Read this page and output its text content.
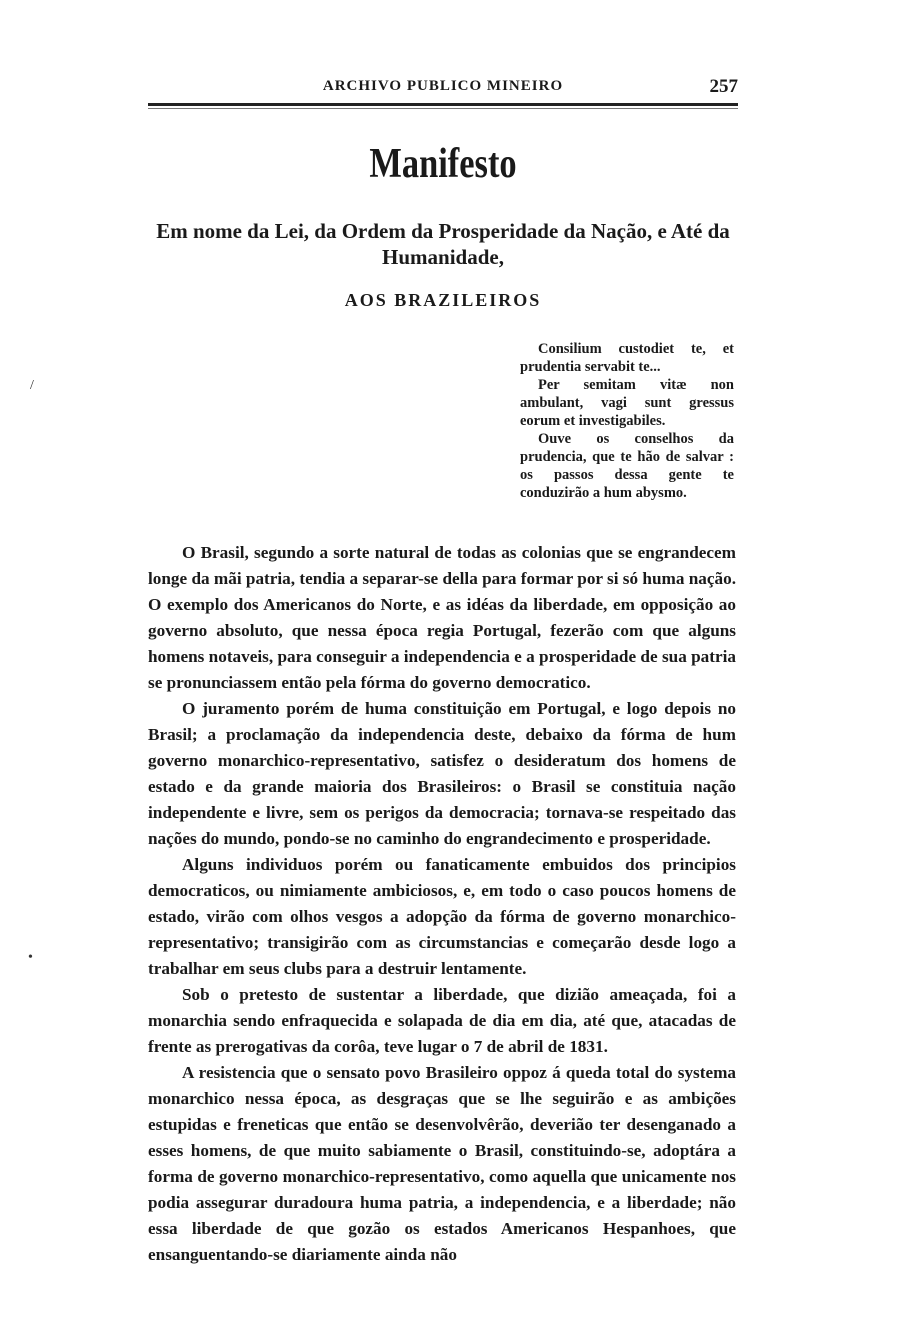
ARCHIVO PUBLICO MINEIRO	257
Manifesto
Em nome da Lei, da Ordem da Prosperidade da Nação, e Até da Humanidade,
AOS BRAZILEIROS

Consilium custodiet te, et prudentia servabit te...

Per semitam vitæ non ambulant, vagi sunt gressus eorum et investigabiles.

Ouve os conselhos da prudencia, que te hão de salvar : os passos dessa gente te conduzirão a hum abysmo.

O Brasil, segundo a sorte natural de todas as colonias que se engrandecem longe da mãi patria, tendia a separar-se della para formar por si só huma nação. O exemplo dos Americanos do Norte, e as idéas da liberdade, em opposição ao governo absoluto, que nessa época regia Portugal, fezerão com que alguns homens notaveis, para conseguir a independencia e a prosperidade de sua patria se pronunciassem então pela fórma do governo democratico.

O juramento porém de huma constituição em Portugal, e logo depois no Brasil; a proclamação da independencia deste, debaixo da fórma de hum governo monarchico-representativo, satisfez o desideratum dos homens de estado e da grande maioria dos Brasileiros: o Brasil se constituia nação independente e livre, sem os perigos da democracia; tornava-se respeitado das nações do mundo, pondo-se no caminho do engrandecimento e prosperidade.

Alguns individuos porém ou fanaticamente embuidos dos principios democraticos, ou nimiamente ambiciosos, e, em todo o caso poucos homens de estado, virão com olhos vesgos a adopção da fórma de governo monarchico-representativo; transigirão com as circumstancias e começarão desde logo a trabalhar em seus clubs para a destruir lentamente.

Sob o pretesto de sustentar a liberdade, que dizião ameaçada, foi a monarchia sendo enfraquecida e solapada de dia em dia, até que, atacadas de frente as prerogativas da corôa, teve lugar o 7 de abril de 1831.

A resistencia que o sensato povo Brasileiro oppoz á queda total do systema monarchico nessa época, as desgraças que se lhe seguirão e as ambições estupidas e freneticas que então se desenvolvêrão, deverião ter desenganado a esses homens, de que muito sabiamente o Brasil, constituindo-se, adoptára a forma de governo monarchico-representativo, como aquella que unicamente nos podia assegurar duradoura huma patria, a independencia, e a liberdade; não essa liberdade de que gozão os estados Americanos Hespanhoes, que ensanguentando-se diariamente ainda não

/
•
